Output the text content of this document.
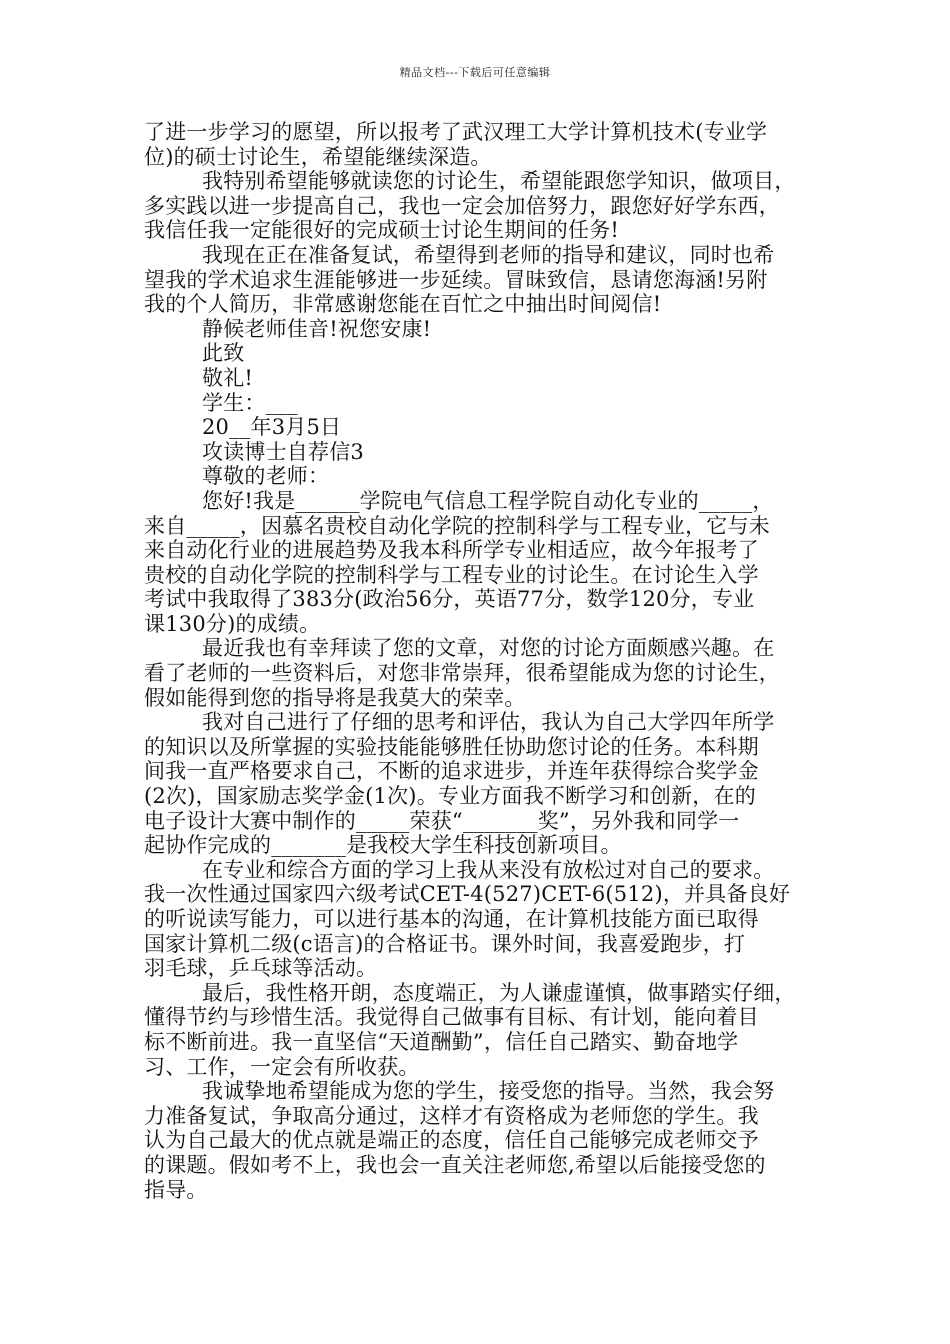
精品文档---下载后可任意编辑
了进一步学习的愿望，所以报考了武汉理工大学计算机技术(专业学
位)的硕士讨论生，希望能继续深造。
我特别希望能够就读您的讨论生，希望能跟您学知识，做项目，
多实践以进一步提高自己，我也一定会加倍努力，跟您好好学东西，
我信任我一定能很好的完成硕士讨论生期间的任务!
我现在正在准备复试，希望得到老师的指导和建议，同时也希
望我的学术追求生涯能够进一步延续。冒昧致信，恳请您海涵!另附
我的个人简历，非常感谢您能在百忙之中抽出时间阅信!
静候老师佳音!祝您安康!
此致
敬礼!
学生：___
20__年3月5日
攻读博士自荐信3
尊敬的老师：
您好!我是______学院电气信息工程学院自动化专业的_____，
来自_____，因慕名贵校自动化学院的控制科学与工程专业，它与未
来自动化行业的进展趋势及我本科所学专业相适应，故今年报考了
贵校的自动化学院的控制科学与工程专业的讨论生。在讨论生入学
考试中我取得了383分(政治56分，英语77分，数学120分，专业
课130分)的成绩。
最近我也有幸拜读了您的文章，对您的讨论方面颇感兴趣。在
看了老师的一些资料后，对您非常崇拜，很希望能成为您的讨论生，
假如能得到您的指导将是我莫大的荣幸。
我对自己进行了仔细的思考和评估，我认为自己大学四年所学
的知识以及所掌握的实验技能能够胜任协助您讨论的任务。本科期
间我一直严格要求自己，不断的追求进步，并连年获得综合奖学金
(2次)，国家励志奖学金(1次)。专业方面我不断学习和创新，在的
电子设计大赛中制作的_____荣获“_______奖”，另外我和同学一
起协作完成的_______是我校大学生科技创新项目。
在专业和综合方面的学习上我从来没有放松过对自己的要求。
我一次性通过国家四六级考试CET-4(527)CET-6(512)，并具备良好
的听说读写能力，可以进行基本的沟通，在计算机技能方面已取得
国家计算机二级(c语言)的合格证书。课外时间，我喜爱跑步，打
羽毛球，乒乓球等活动。
最后，我性格开朗，态度端正，为人谦虚谨慎，做事踏实仔细，
懂得节约与珍惜生活。我觉得自己做事有目标、有计划，能向着目
标不断前进。我一直坚信“天道酬勤”，信任自己踏实、勤奋地学
习、工作，一定会有所收获。
我诚挚地希望能成为您的学生，接受您的指导。当然，我会努
力准备复试，争取高分通过，这样才有资格成为老师您的学生。我
认为自己最大的优点就是端正的态度，信任自己能够完成老师交予
的课题。假如考不上，我也会一直关注老师您,希望以后能接受您的
指导。
